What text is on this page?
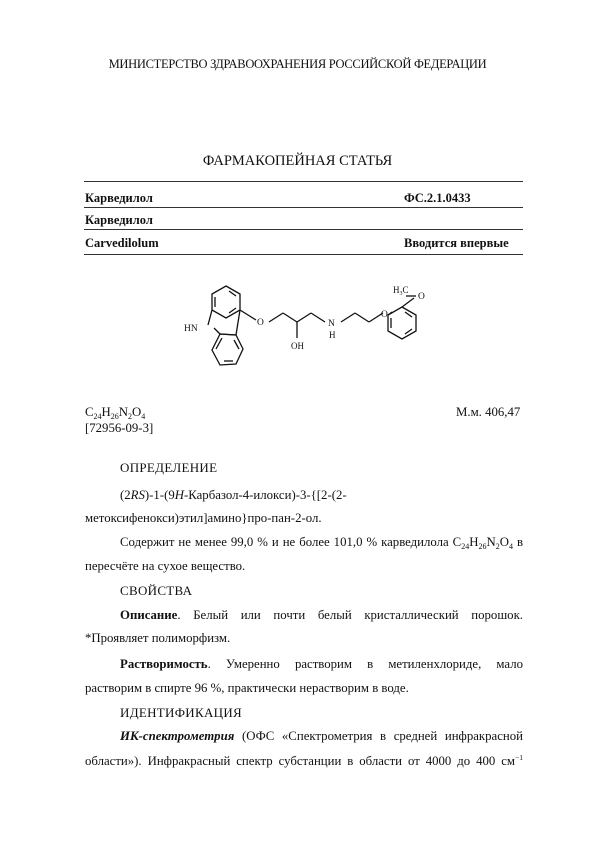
МИНИСТЕРСТВО ЗДРАВООХРАНЕНИЯ РОССИЙСКОЙ ФЕДЕРАЦИИ
ФАРМАКОПЕЙНАЯ СТАТЬЯ
Карведилол	ФС.2.1.0433
Карведилол
Carvedilolum	Вводится впервые
HN
O
OH
N
H
O
$H_3C$
O
$C_{24}H_{26}N_2O_4$	М.м. 406,47
[72956-09-3]
ОПРЕДЕЛЕНИЕ
(2RS)-1-(9H-Карбазол-4-илокси)-3-{[2-(2-
метоксифенокси)этил]амино}про-пан-2-ол.
Содержит не менее 99,0 % и не более 101,0 % карведилола $C_{24}H_{26}N_2O_4$ в
пересчёте на сухое вещество.
СВОЙСТВА
Описание. Белый или почти белый кристаллический порошок.
*Проявляет полиморфизм.
Растворимость. Умеренно растворим в метиленхлориде, мало
растворим в спирте 96 %, практически нерастворим в воде.
ИДЕНТИФИКАЦИЯ
ИК-спектрометрия (ОФС «Спектрометрия в средней инфракрасной
области»). Инфракрасный спектр субстанции в области от 4000 до 400 $см^{-1}$
